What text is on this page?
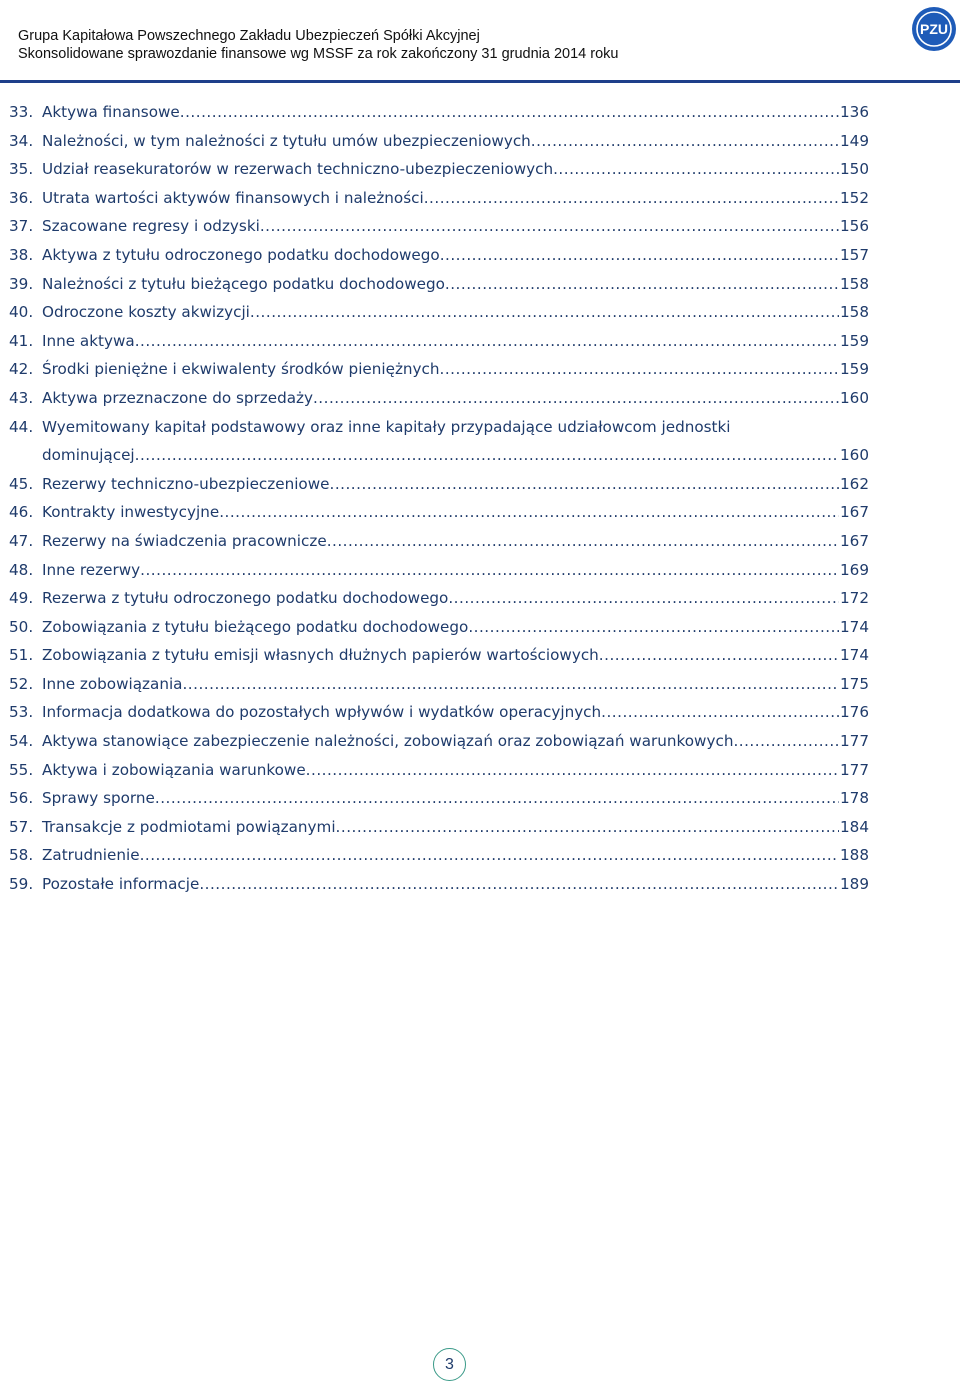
Grupa Kapitałowa Powszechnego Zakładu Ubezpieczeń Spółki Akcyjnej
Skonsolidowane sprawozdanie finansowe wg MSSF za rok zakończony 31 grudnia 2014 roku
PZU
33. Aktywa finansowe .....	136
34. Należności, w tym należności z tytułu umów ubezpieczeniowych .....	149
35. Udział reasekuratorów w rezerwach techniczno-ubezpieczeniowych .....	150
36. Utrata wartości aktywów finansowych i należności .....	152
37. Szacowane regresy i odzyski .....	156
38. Aktywa z tytułu odroczonego podatku dochodowego .....	157
39. Należności z tytułu bieżącego podatku dochodowego .....	158
40. Odroczone koszty akwizycji .....	158
41. Inne aktywa .....	159
42. Środki pieniężne i ekwiwalenty środków pieniężnych .....	159
43. Aktywa przeznaczone do sprzedaży .....	160
44. Wyemitowany kapitał podstawowy oraz inne kapitały przypadające udziałowcom jednostki
dominującej .....	160
45. Rezerwy techniczno-ubezpieczeniowe .....	162
46. Kontrakty inwestycyjne .....	167
47. Rezerwy na świadczenia pracownicze .....	167
48. Inne rezerwy .....	169
49. Rezerwa z tytułu odroczonego podatku dochodowego .....	172
50. Zobowiązania z tytułu bieżącego podatku dochodowego .....	174
51. Zobowiązania z tytułu emisji własnych dłużnych papierów wartościowych .....	174
52. Inne zobowiązania .....	175
53. Informacja dodatkowa do pozostałych wpływów i wydatków operacyjnych .....	176
54. Aktywa stanowiące zabezpieczenie należności, zobowiązań oraz zobowiązań warunkowych .....	177
55. Aktywa i zobowiązania warunkowe .....	177
56. Sprawy sporne .....	178
57. Transakcje z podmiotami powiązanymi .....	184
58. Zatrudnienie .....	188
59. Pozostałe informacje .....	189
3
